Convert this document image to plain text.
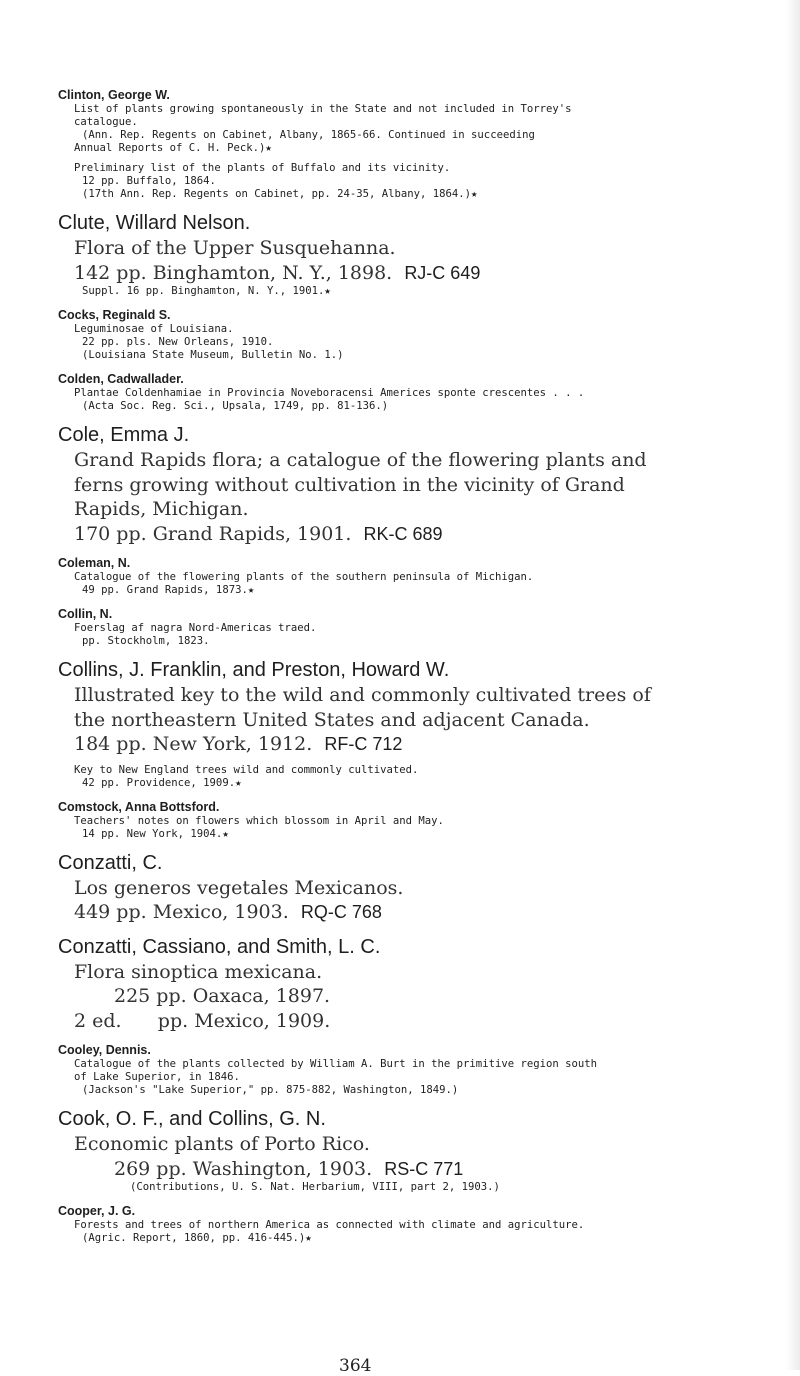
Clinton, George W.
List of plants growing spontaneously in the State and not included in Torrey's
catalogue.
(Ann. Rep. Regents on Cabinet, Albany, 1865-66. Continued in succeeding
Annual Reports of C. H. Peck.)★
Preliminary list of the plants of Buffalo and its vicinity.
12 pp. Buffalo, 1864.
(17th Ann. Rep. Regents on Cabinet, pp. 24-35, Albany, 1864.)★
Clute, Willard Nelson.
Flora of the Upper Susquehanna.
142 pp. Binghamton, N. Y., 1898. RJ-C 649
Suppl. 16 pp. Binghamton, N. Y., 1901.★
Cocks, Reginald S.
Leguminosae of Louisiana.
22 pp. pls. New Orleans, 1910.
(Louisiana State Museum, Bulletin No. 1.)
Colden, Cadwallader.
Plantae Coldenhamiae in Provincia Noveboracensi Americes sponte crescentes . . .
(Acta Soc. Reg. Sci., Upsala, 1749, pp. 81-136.)
Cole, Emma J.
Grand Rapids flora; a catalogue of the flowering plants and
ferns growing without cultivation in the vicinity of Grand
Rapids, Michigan.
170 pp. Grand Rapids, 1901. RK-C 689
Coleman, N.
Catalogue of the flowering plants of the southern peninsula of Michigan.
49 pp. Grand Rapids, 1873.★
Collin, N.
Foerslag af nagra Nord-Americas traed.
pp. Stockholm, 1823.
Collins, J. Franklin, and Preston, Howard W.
Illustrated key to the wild and commonly cultivated trees of
the northeastern United States and adjacent Canada.
184 pp. New York, 1912. RF-C 712
Key to New England trees wild and commonly cultivated.
42 pp. Providence, 1909.★
Comstock, Anna Bottsford.
Teachers' notes on flowers which blossom in April and May.
14 pp. New York, 1904.★
Conzatti, C.
Los generos vegetales Mexicanos.
449 pp. Mexico, 1903. RQ-C 768
Conzatti, Cassiano, and Smith, L. C.
Flora sinoptica mexicana.
225 pp. Oaxaca, 1897.
2 ed.      pp. Mexico, 1909.
Cooley, Dennis.
Catalogue of the plants collected by William A. Burt in the primitive region south
of Lake Superior, in 1846.
(Jackson's "Lake Superior," pp. 875-882, Washington, 1849.)
Cook, O. F., and Collins, G. N.
Economic plants of Porto Rico.
269 pp. Washington, 1903. RS-C 771
(Contributions, U. S. Nat. Herbarium, VIII, part 2, 1903.)
Cooper, J. G.
Forests and trees of northern America as connected with climate and agriculture.
(Agric. Report, 1860, pp. 416-445.)★
364
